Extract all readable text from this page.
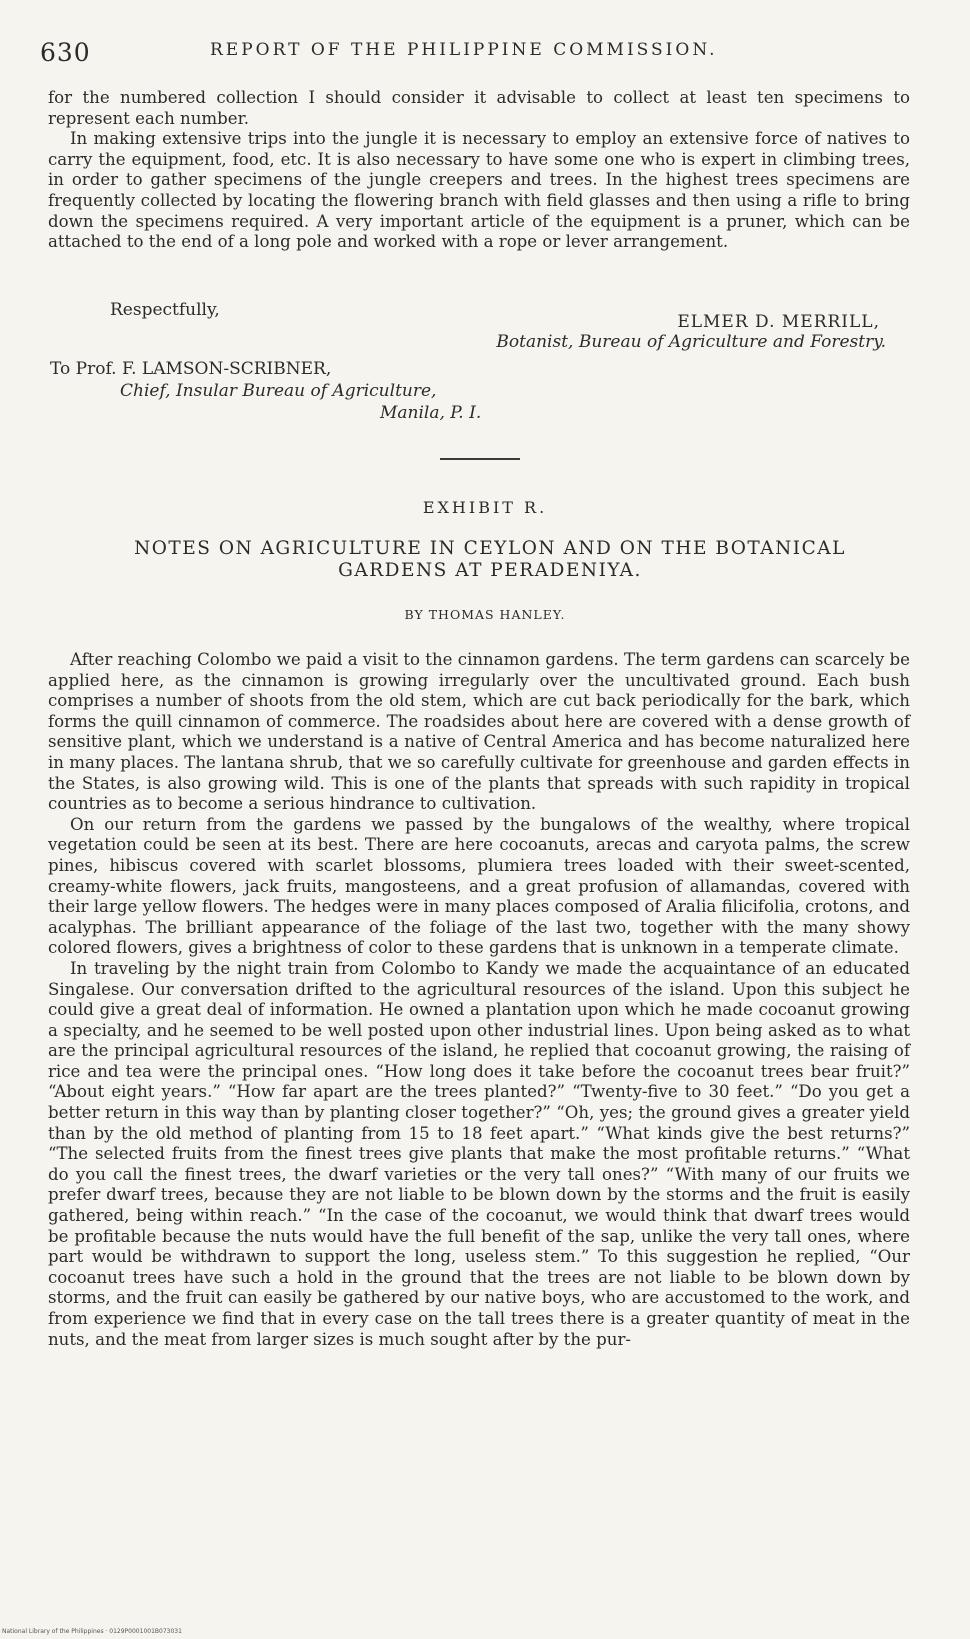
630	REPORT OF THE PHILIPPINE COMMISSION.

for the numbered collection I should consider it advisable to collect at least ten specimens to represent each number.

In making extensive trips into the jungle it is necessary to employ an extensive force of natives to carry the equipment, food, etc. It is also necessary to have some one who is expert in climbing trees, in order to gather specimens of the jungle creepers and trees. In the highest trees specimens are frequently collected by locating the flowering branch with field glasses and then using a rifle to bring down the specimens required. A very important article of the equipment is a pruner, which can be attached to the end of a long pole and worked with a rope or lever arrangement.

Respectfully,
ELMER D. MERRILL,
Botanist, Bureau of Agriculture and Forestry.
To Prof. F. LAMSON-SCRIBNER,
Chief, Insular Bureau of Agriculture,
Manila, P. I.
EXHIBIT R.
NOTES ON AGRICULTURE IN CEYLON AND ON THE BOTANICAL GARDENS AT PERADENIYA.
BY THOMAS HANLEY.

After reaching Colombo we paid a visit to the cinnamon gardens. The term gardens can scarcely be applied here, as the cinnamon is growing irregularly over the uncultivated ground. Each bush comprises a number of shoots from the old stem, which are cut back periodically for the bark, which forms the quill cinnamon of commerce. The roadsides about here are covered with a dense growth of sensitive plant, which we understand is a native of Central America and has become naturalized here in many places. The lantana shrub, that we so carefully cultivate for greenhouse and garden effects in the States, is also growing wild. This is one of the plants that spreads with such rapidity in tropical countries as to become a serious hindrance to cultivation.

On our return from the gardens we passed by the bungalows of the wealthy, where tropical vegetation could be seen at its best. There are here cocoanuts, arecas and caryota palms, the screw pines, hibiscus covered with scarlet blossoms, plumiera trees loaded with their sweet-scented, creamy-white flowers, jack fruits, mangosteens, and a great profusion of allamandas, covered with their large yellow flowers. The hedges were in many places composed of Aralia filicifolia, crotons, and acalyphas. The brilliant appearance of the foliage of the last two, together with the many showy colored flowers, gives a brightness of color to these gardens that is unknown in a temperate climate.

In traveling by the night train from Colombo to Kandy we made the acquaintance of an educated Singalese. Our conversation drifted to the agricultural resources of the island. Upon this subject he could give a great deal of information. He owned a plantation upon which he made cocoanut growing a specialty, and he seemed to be well posted upon other industrial lines. Upon being asked as to what are the principal agricultural resources of the island, he replied that cocoanut growing, the raising of rice and tea were the principal ones. “How long does it take before the cocoanut trees bear fruit?” “About eight years.” “How far apart are the trees planted?” “Twenty-five to 30 feet.” “Do you get a better return in this way than by planting closer together?” “Oh, yes; the ground gives a greater yield than by the old method of planting from 15 to 18 feet apart.” “What kinds give the best returns?” “The selected fruits from the finest trees give plants that make the most profitable returns.” “What do you call the finest trees, the dwarf varieties or the very tall ones?” “With many of our fruits we prefer dwarf trees, because they are not liable to be blown down by the storms and the fruit is easily gathered, being within reach.” “In the case of the cocoanut, we would think that dwarf trees would be profitable because the nuts would have the full benefit of the sap, unlike the very tall ones, where part would be withdrawn to support the long, useless stem.” To this suggestion he replied, “Our cocoanut trees have such a hold in the ground that the trees are not liable to be blown down by storms, and the fruit can easily be gathered by our native boys, who are accustomed to the work, and from experience we find that in every case on the tall trees there is a greater quantity of meat in the nuts, and the meat from larger sizes is much sought after by the pur-

National Library of the Philippines · 0129P0001001B073031
